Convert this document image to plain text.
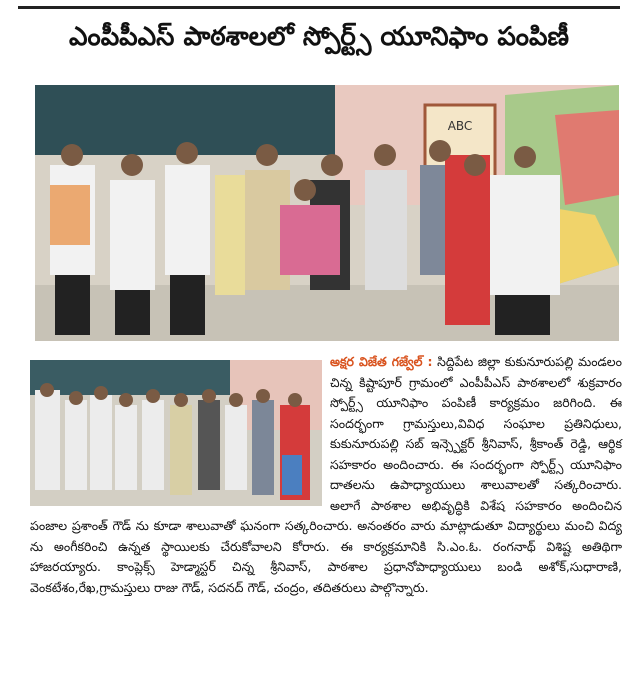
ఎంపీపీఎస్ పాఠశాలలో స్పోర్ట్స్ యూనిఫాం పంపిణీ
ABC
అక్షర విజేత గజ్వేల్ : సిద్దిపేట జిల్లా కుకునూరుపల్లి మండలం చిన్న కిష్టాపూర్ గ్రామంలో ఎంపీపీఎస్ పాఠశాలలో శుక్రవారం స్పోర్ట్స్ యూనిఫాం పంపిణీ కార్యక్రమం జరిగింది. ఈ సందర్భంగా గ్రామస్తులు,వివిధ సంఘాల ప్రతినిధులు, కుకునూరుపల్లి సబ్ ఇన్స్పెక్టర్ శ్రీనివాస్, శ్రీకాంత్ రెడ్డి, ఆర్థిక సహకారం అందించారు. ఈ సందర్భంగా స్పోర్ట్స్ యూనిఫాం దాతలను ఉపాధ్యాయులు శాలువాలతో సత్కరించారు. అలాగే పాఠశాల అభివృద్ధికి విశేష సహకారం అందించిన పంజాల ప్రశాంత్ గౌడ్ ను కూడా శాలువాతో ఘనంగా సత్కరించారు. అనంతరం వారు మాట్లాడుతూ విద్యార్థులు మంచి విద్య ను అంగీకరించి ఉన్నత స్థాయిలకు చేరుకోవాలని కోరారు. ఈ కార్యక్రమానికి సి.ఎం.ఓ. రంగనాథ్ విశిష్ట అతిథిగా హాజరయ్యారు. కాంప్లెక్స్ హెడ్మాస్టర్ చిన్న శ్రీనివాస్, పాఠశాల ప్రధానోపాధ్యాయులు బండి అశోక్,సుధారాణి, వెంకటేశం,రేఖ,గ్రామస్తులు రాజు గౌడ్, సదనద్ గౌడ్, చంద్రం, తదితరులు పాల్గొన్నారు.
